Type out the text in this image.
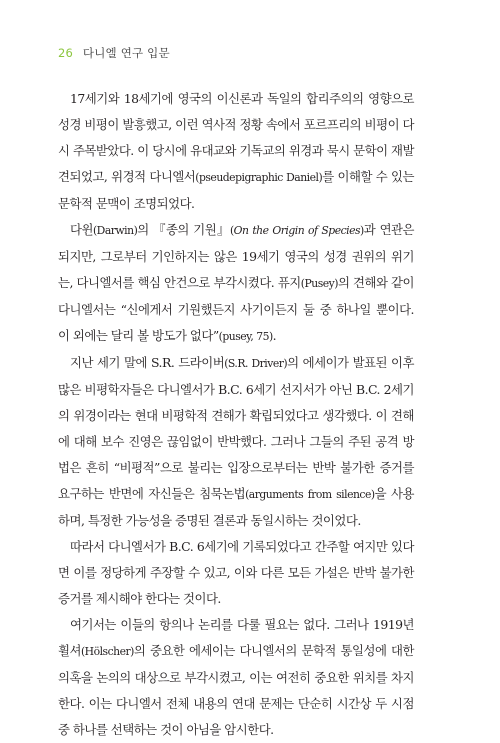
26 다니엘 연구 입문

17세기와 18세기에 영국의 이신론과 독일의 합리주의의 영향으로 성경 비평이 발흥했고, 이런 역사적 정황 속에서 포르프리의 비평이 다시 주목받았다. 이 당시에 유대교와 기독교의 위경과 묵시 문학이 재발견되었고, 위경적 다니엘서(pseudepigraphic Daniel)를 이해할 수 있는 문학적 문맥이 조명되었다.

다윈(Darwin)의 『종의 기원』(On the Origin of Species)과 연관은 되지만, 그로부터 기인하지는 않은 19세기 영국의 성경 권위의 위기는, 다니엘서를 핵심 안건으로 부각시켰다. 퓨지(Pusey)의 견해와 같이 다니엘서는 “신에게서 기원했든지 사기이든지 둘 중 하나일 뿐이다. 이 외에는 달리 볼 방도가 없다”(pusey, 75).

지난 세기 말에 S.R. 드라이버(S.R. Driver)의 에세이가 발표된 이후 많은 비평학자들은 다니엘서가 B.C. 6세기 선지서가 아닌 B.C. 2세기의 위경이라는 현대 비평학적 견해가 확립되었다고 생각했다. 이 견해에 대해 보수 진영은 끊임없이 반박했다. 그러나 그들의 주된 공격 방법은 흔히 “비평적”으로 불리는 입장으로부터는 반박 불가한 증거를 요구하는 반면에 자신들은 침묵논법(arguments from silence)을 사용하며, 특정한 가능성을 증명된 결론과 동일시하는 것이었다.

따라서 다니엘서가 B.C. 6세기에 기록되었다고 간주할 여지만 있다면 이를 정당하게 주장할 수 있고, 이와 다른 모든 가설은 반박 불가한 증거를 제시해야 한다는 것이다.

여기서는 이들의 항의나 논리를 다룰 필요는 없다. 그러나 1919년 휠셔(Hölscher)의 중요한 에세이는 다니엘서의 문학적 통일성에 대한 의혹을 논의의 대상으로 부각시켰고, 이는 여전히 중요한 위치를 차지한다. 이는 다니엘서 전체 내용의 연대 문제는 단순히 시간상 두 시점 중 하나를 선택하는 것이 아님을 암시한다.
